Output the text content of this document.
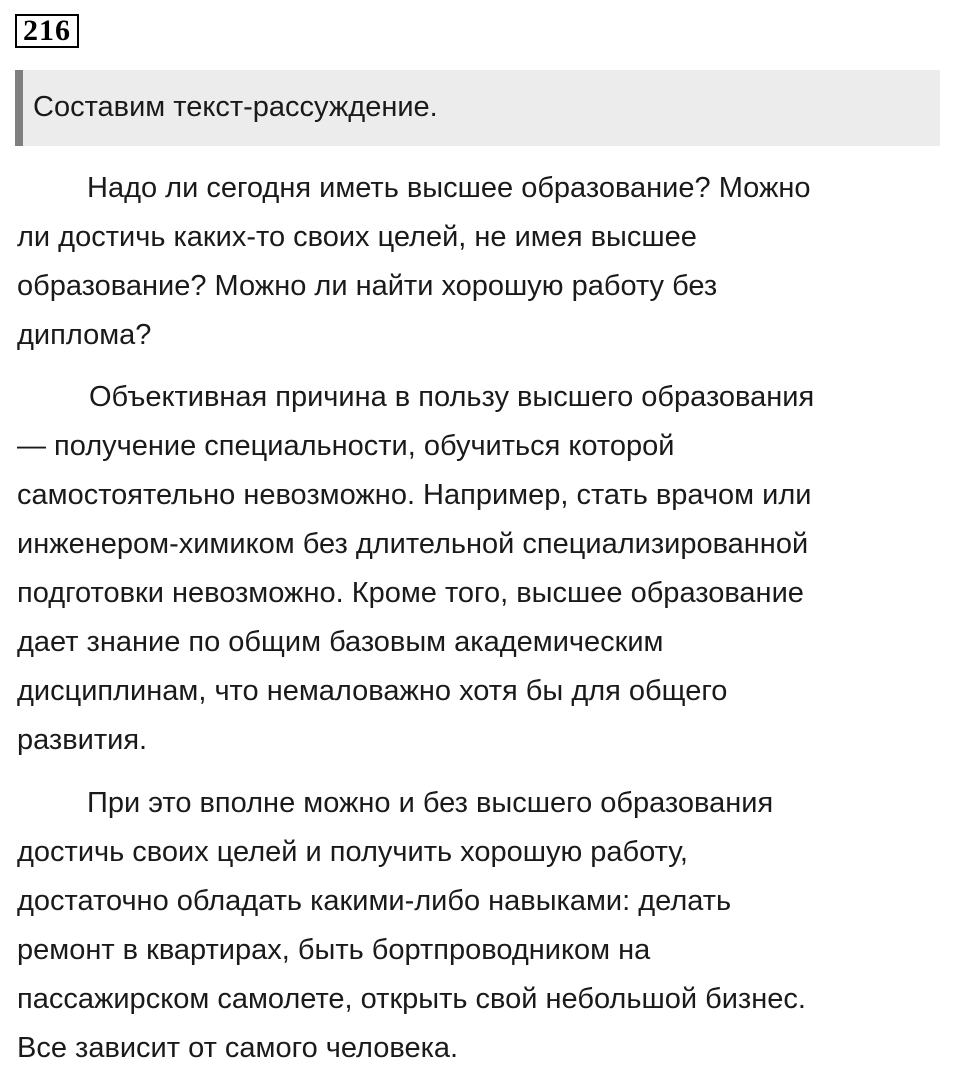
216
Составим текст-рассуждение.

Надо ли сегодня иметь высшее образование? Можно
ли достичь каких-то своих целей, не имея высшее
образование? Можно ли найти хорошую работу без
диплома?

Объективная причина в пользу высшего образования
— получение специальности, обучиться которой
самостоятельно невозможно. Например, стать врачом или
инженером-химиком без длительной специализированной
подготовки невозможно. Кроме того, высшее образование
дает знание по общим базовым академическим
дисциплинам, что немаловажно хотя бы для общего
развития.

При это вполне можно и без высшего образования
достичь своих целей и получить хорошую работу,
достаточно обладать какими-либо навыками: делать
ремонт в квартирах, быть бортпроводником на
пассажирском самолете, открыть свой небольшой бизнес.
Все зависит от самого человека.
